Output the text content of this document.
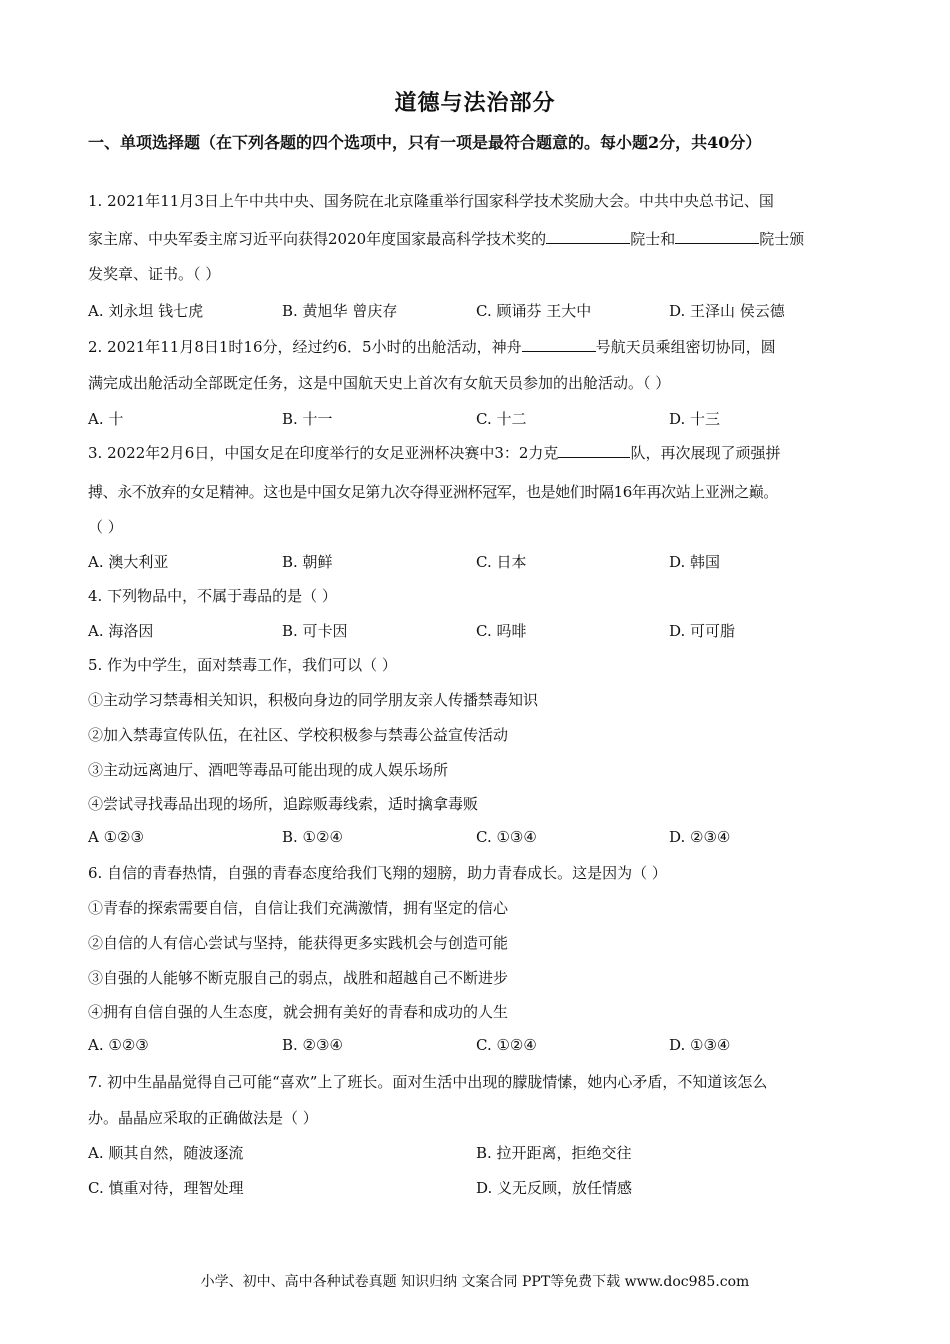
道德与法治部分
一、单项选择题（在下列各题的四个选项中，只有一项是最符合题意的。每小题2分，共40分）
1. 2021年11月3日上午中共中央、国务院在北京隆重举行国家科学技术奖励大会。中共中央总书记、国
家主席、中央军委主席习近平向获得2020年度国家最高科学技术奖的	院士和	院士颁
发奖章、证书。（ ）
A. 刘永坦 钱七虎	B. 黄旭华 曾庆存	C. 顾诵芬 王大中	D. 王泽山 侯云德
2. 2021年11月8日1时16分，经过约6．5小时的出舱活动，神舟	号航天员乘组密切协同，圆
满完成出舱活动全部既定任务，这是中国航天史上首次有女航天员参加的出舱活动。（ ）
A. 十	B. 十一	C. 十二	D. 十三
3. 2022年2月6日，中国女足在印度举行的女足亚洲杯决赛中3：2力克	队，再次展现了顽强拼
搏、永不放弃的女足精神。这也是中国女足第九次夺得亚洲杯冠军，也是她们时隔16年再次站上亚洲之巅。
（ ）
A. 澳大利亚	B. 朝鲜	C. 日本	D. 韩国
4. 下列物品中，不属于毒品的是（ ）
A. 海洛因	B. 可卡因	C. 吗啡	D. 可可脂
5. 作为中学生，面对禁毒工作，我们可以（ ）
①主动学习禁毒相关知识，积极向身边的同学朋友亲人传播禁毒知识
②加入禁毒宣传队伍，在社区、学校积极参与禁毒公益宣传活动
③主动远离迪厅、酒吧等毒品可能出现的成人娱乐场所
④尝试寻找毒品出现的场所，追踪贩毒线索，适时擒拿毒贩
A ①②③	B. ①②④	C. ①③④	D. ②③④
6. 自信的青春热情，自强的青春态度给我们飞翔的翅膀，助力青春成长。这是因为（ ）
①青春的探索需要自信，自信让我们充满激情，拥有坚定的信心
②自信的人有信心尝试与坚持，能获得更多实践机会与创造可能
③自强的人能够不断克服自己的弱点，战胜和超越自己不断进步
④拥有自信自强的人生态度，就会拥有美好的青春和成功的人生
A. ①②③	B. ②③④	C. ①②④	D. ①③④
7. 初中生晶晶觉得自己可能“喜欢”上了班长。面对生活中出现的朦胧情愫，她内心矛盾，不知道该怎么
办。晶晶应采取的正确做法是（ ）
A. 顺其自然，随波逐流	B. 拉开距离，拒绝交往
C. 慎重对待，理智处理	D. 义无反顾，放任情感
小学、初中、高中各种试卷真题 知识归纳 文案合同 PPT等免费下载 www.doc985.com
